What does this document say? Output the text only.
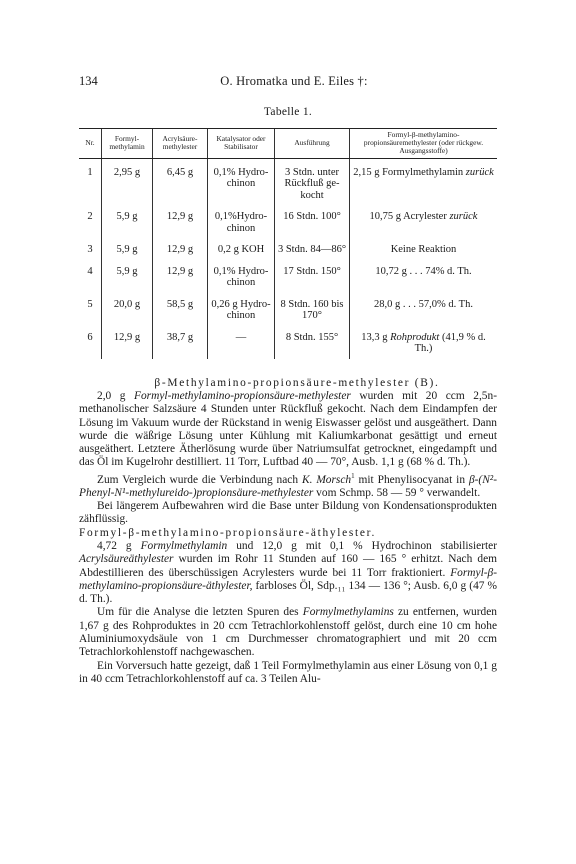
134	O. Hromatka und E. Eiles †:
Tabelle 1.
Nr.	Formyl-methylamin	Acrylsäure-methylester	Katalysator oder Stabilisator	Ausführung	Formyl-β-methylamino-propionsäuremethylester (oder rückgew. Ausgangsstoffe)
1	2,95 g	6,45 g	0,1% Hydro-chinon	3 Stdn. unter Rückfluß ge-kocht	2,15 g Formylmethylamin zurück
2	5,9 g	12,9 g	0,1%Hydro-chinon	16 Stdn. 100°	10,75 g Acrylester zurück
3	5,9 g	12,9 g	0,2 g KOH	3 Stdn. 84—86°	Keine Reaktion
4	5,9 g	12,9 g	0,1% Hydro-chinon	17 Stdn. 150°	10,72 g . . . 74% d. Th.
5	20,0 g	58,5 g	0,26 g Hydro-chinon	8 Stdn. 160 bis 170°	28,0 g . . . 57,0% d. Th.
6	12,9 g	38,7 g	—	8 Stdn. 155°	13,3 g Rohprodukt (41,9 % d. Th.)

β-Methylamino-propionsäure-methylester (B).

2,0 g Formyl-methylamino-propionsäure-methylester wurden mit 20 ccm 2,5n-methanolischer Salzsäure 4 Stunden unter Rückfluß gekocht. Nach dem Eindampfen der Lösung im Vakuum wurde der Rückstand in wenig Eiswasser gelöst und ausgeäthert. Dann wurde die wäßrige Lösung unter Kühlung mit Kaliumkarbonat gesättigt und erneut ausgeäthert. Letztere Ätherlösung wurde über Natriumsulfat getrocknet, eingedampft und das Öl im Kugelrohr destilliert. 11 Torr, Luftbad 40 — 70°, Ausb. 1,1 g (68 % d. Th.).

Zum Vergleich wurde die Verbindung nach K. Morsch$^1$ mit Phenylisocyanat in β-(N²-Phenyl-N¹-methylureido-)propionsäure-methylester vom Schmp. 58 — 59 ° verwandelt.

Bei längerem Aufbewahren wird die Base unter Bildung von Kondensationsprodukten zähflüssig.

Formyl-β-methylamino-propionsäure-äthylester.

4,72 g Formylmethylamin und 12,0 g mit 0,1 % Hydrochinon stabilisierter Acrylsäureäthylester wurden im Rohr 11 Stunden auf 160 — 165 ° erhitzt. Nach dem Abdestillieren des überschüssigen Acrylesters wurde bei 11 Torr fraktioniert. Formyl-β-methylamino-propionsäure-äthylester, farbloses Öl, Sdp.₁₁ 134 — 136 °; Ausb. 6,0 g (47 % d. Th.).

Um für die Analyse die letzten Spuren des Formylmethylamins zu entfernen, wurden 1,67 g des Rohproduktes in 20 ccm Tetrachlorkohlenstoff gelöst, durch eine 10 cm hohe Aluminiumoxydsäule von 1 cm Durchmesser chromatographiert und mit 20 ccm Tetrachlorkohlenstoff nachgewaschen.

Ein Vorversuch hatte gezeigt, daß 1 Teil Formylmethylamin aus einer Lösung von 0,1 g in 40 ccm Tetrachlorkohlenstoff auf ca. 3 Teilen Alu-
